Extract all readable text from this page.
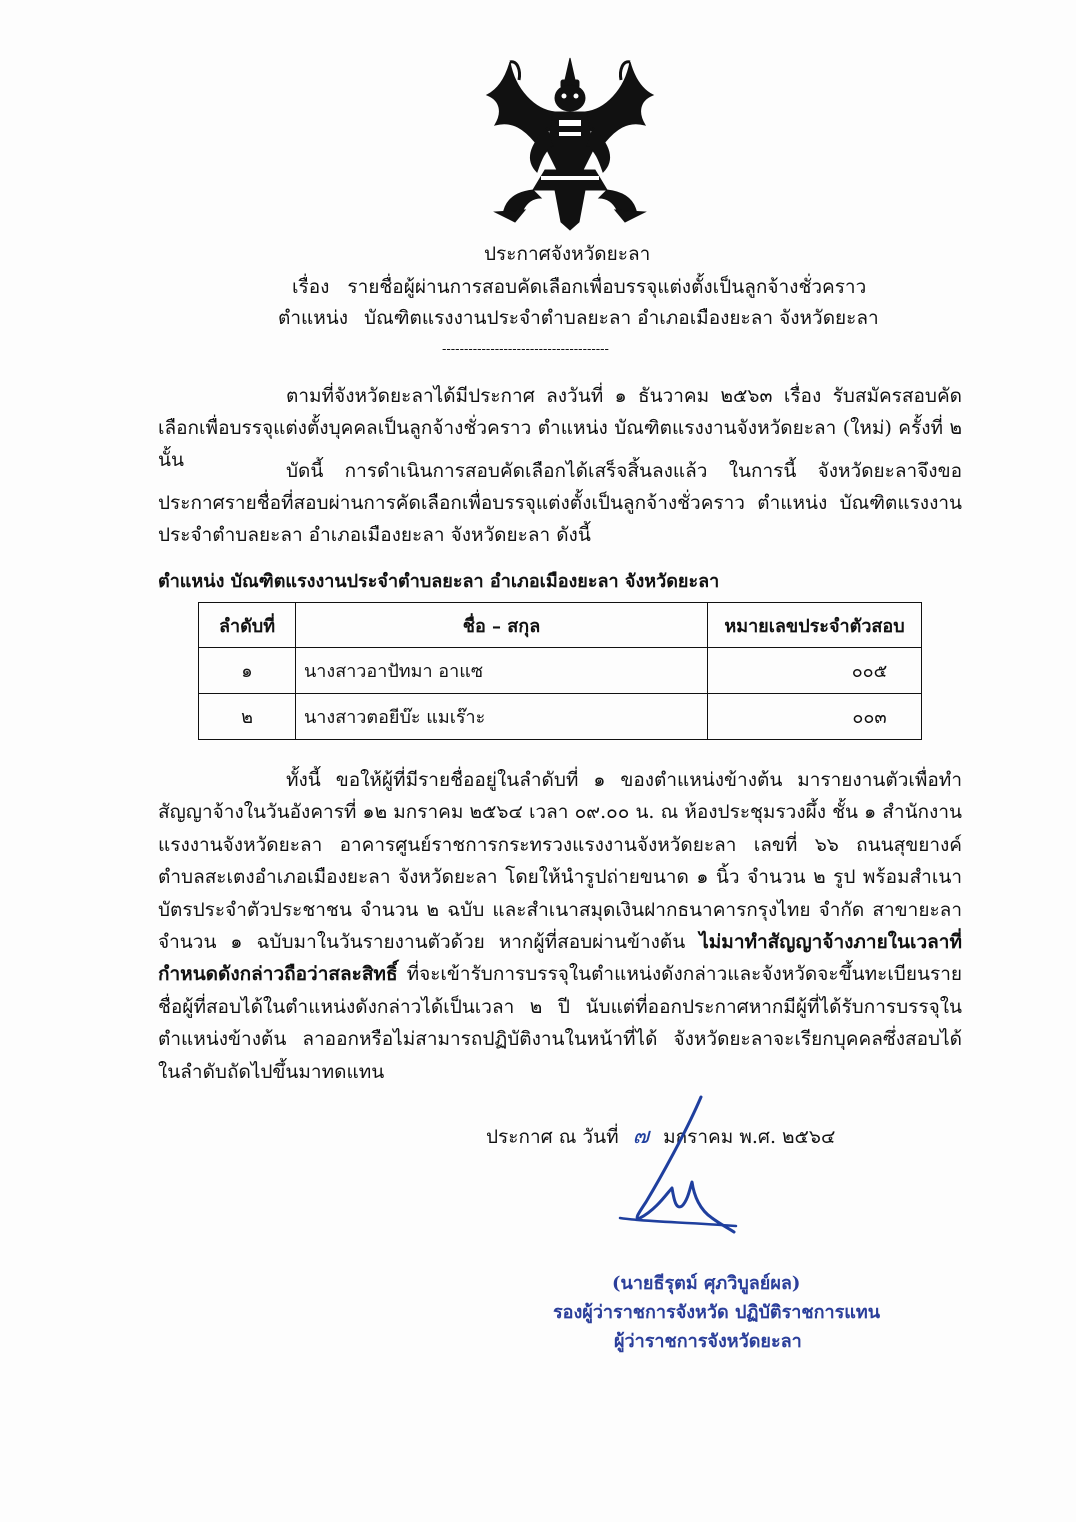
ประกาศจังหวัดยะลา
เรื่อง รายชื่อผู้ผ่านการสอบคัดเลือกเพื่อบรรจุแต่งตั้งเป็นลูกจ้างชั่วคราว
ตำแหน่ง บัณฑิตแรงงานประจำตำบลยะลา อำเภอเมืองยะลา จังหวัดยะลา
--------------------------------------
ตามที่จังหวัดยะลาได้มีประกาศ ลงวันที่ ๑ ธันวาคม ๒๕๖๓ เรื่อง รับสมัครสอบคัดเลือกเพื่อบรรจุแต่งตั้งบุคคลเป็นลูกจ้างชั่วคราว ตำแหน่ง บัณฑิตแรงงานจังหวัดยะลา (ใหม่) ครั้งที่ ๒ นั้น	บัดนี้ การดำเนินการสอบคัดเลือกได้เสร็จสิ้นลงแล้ว ในการนี้ จังหวัดยะลาจึงขอประกาศรายชื่อที่สอบผ่านการคัดเลือกเพื่อบรรจุแต่งตั้งเป็นลูกจ้างชั่วคราว ตำแหน่ง บัณฑิตแรงงานประจำตำบลยะลา อำเภอเมืองยะลา จังหวัดยะลา ดังนี้
ตำแหน่ง บัณฑิตแรงงานประจำตำบลยะลา อำเภอเมืองยะลา จังหวัดยะลา
ลำดับที่	ชื่อ – สกุล	หมายเลขประจำตัวสอบ
๑	นางสาวอาปัทมา อาแซ	๐๐๕
๒	นางสาวตอยีบ๊ะ แมเร๊าะ	๐๐๓
ทั้งนี้ ขอให้ผู้ที่มีรายชื่ออยู่ในลำดับที่ ๑ ของตำแหน่งข้างต้น มารายงานตัวเพื่อทำสัญญาจ้างในวันอังคารที่ ๑๒ มกราคม ๒๕๖๔ เวลา ๐๙.๐๐ น. ณ ห้องประชุมรวงผึ้ง ชั้น ๑ สำนักงานแรงงานจังหวัดยะลา อาคารศูนย์ราชการกระทรวงแรงงานจังหวัดยะลา เลขที่ ๖๖ ถนนสุขยางค์ ตำบลสะเตงอำเภอเมืองยะลา จังหวัดยะลา โดยให้นำรูปถ่ายขนาด ๑ นิ้ว จำนวน ๒ รูป พร้อมสำเนาบัตรประจำตัวประชาชน จำนวน ๒ ฉบับ และสำเนาสมุดเงินฝากธนาคารกรุงไทย จำกัด สาขายะลา จำนวน ๑ ฉบับมาในวันรายงานตัวด้วย หากผู้ที่สอบผ่านข้างต้น ไม่มาทำสัญญาจ้างภายในเวลาที่กำหนดดังกล่าวถือว่าสละสิทธิ์ ที่จะเข้ารับการบรรจุในตำแหน่งดังกล่าวและจังหวัดจะขึ้นทะเบียนรายชื่อผู้ที่สอบได้ในตำแหน่งดังกล่าวได้เป็นเวลา ๒ ปี นับแต่ที่ออกประกาศหากมีผู้ที่ได้รับการบรรจุในตำแหน่งข้างต้น ลาออกหรือไม่สามารถปฏิบัติงานในหน้าที่ได้ จังหวัดยะลาจะเรียกบุคคลซึ่งสอบได้ในลำดับถัดไปขึ้นมาทดแทน
ประกาศ ณ วันที่ ๗ มกราคม พ.ศ. ๒๕๖๔
(นายธีรุตม์ ศุภวิบูลย์ผล)
รองผู้ว่าราชการจังหวัด ปฏิบัติราชการแทน
ผู้ว่าราชการจังหวัดยะลา
